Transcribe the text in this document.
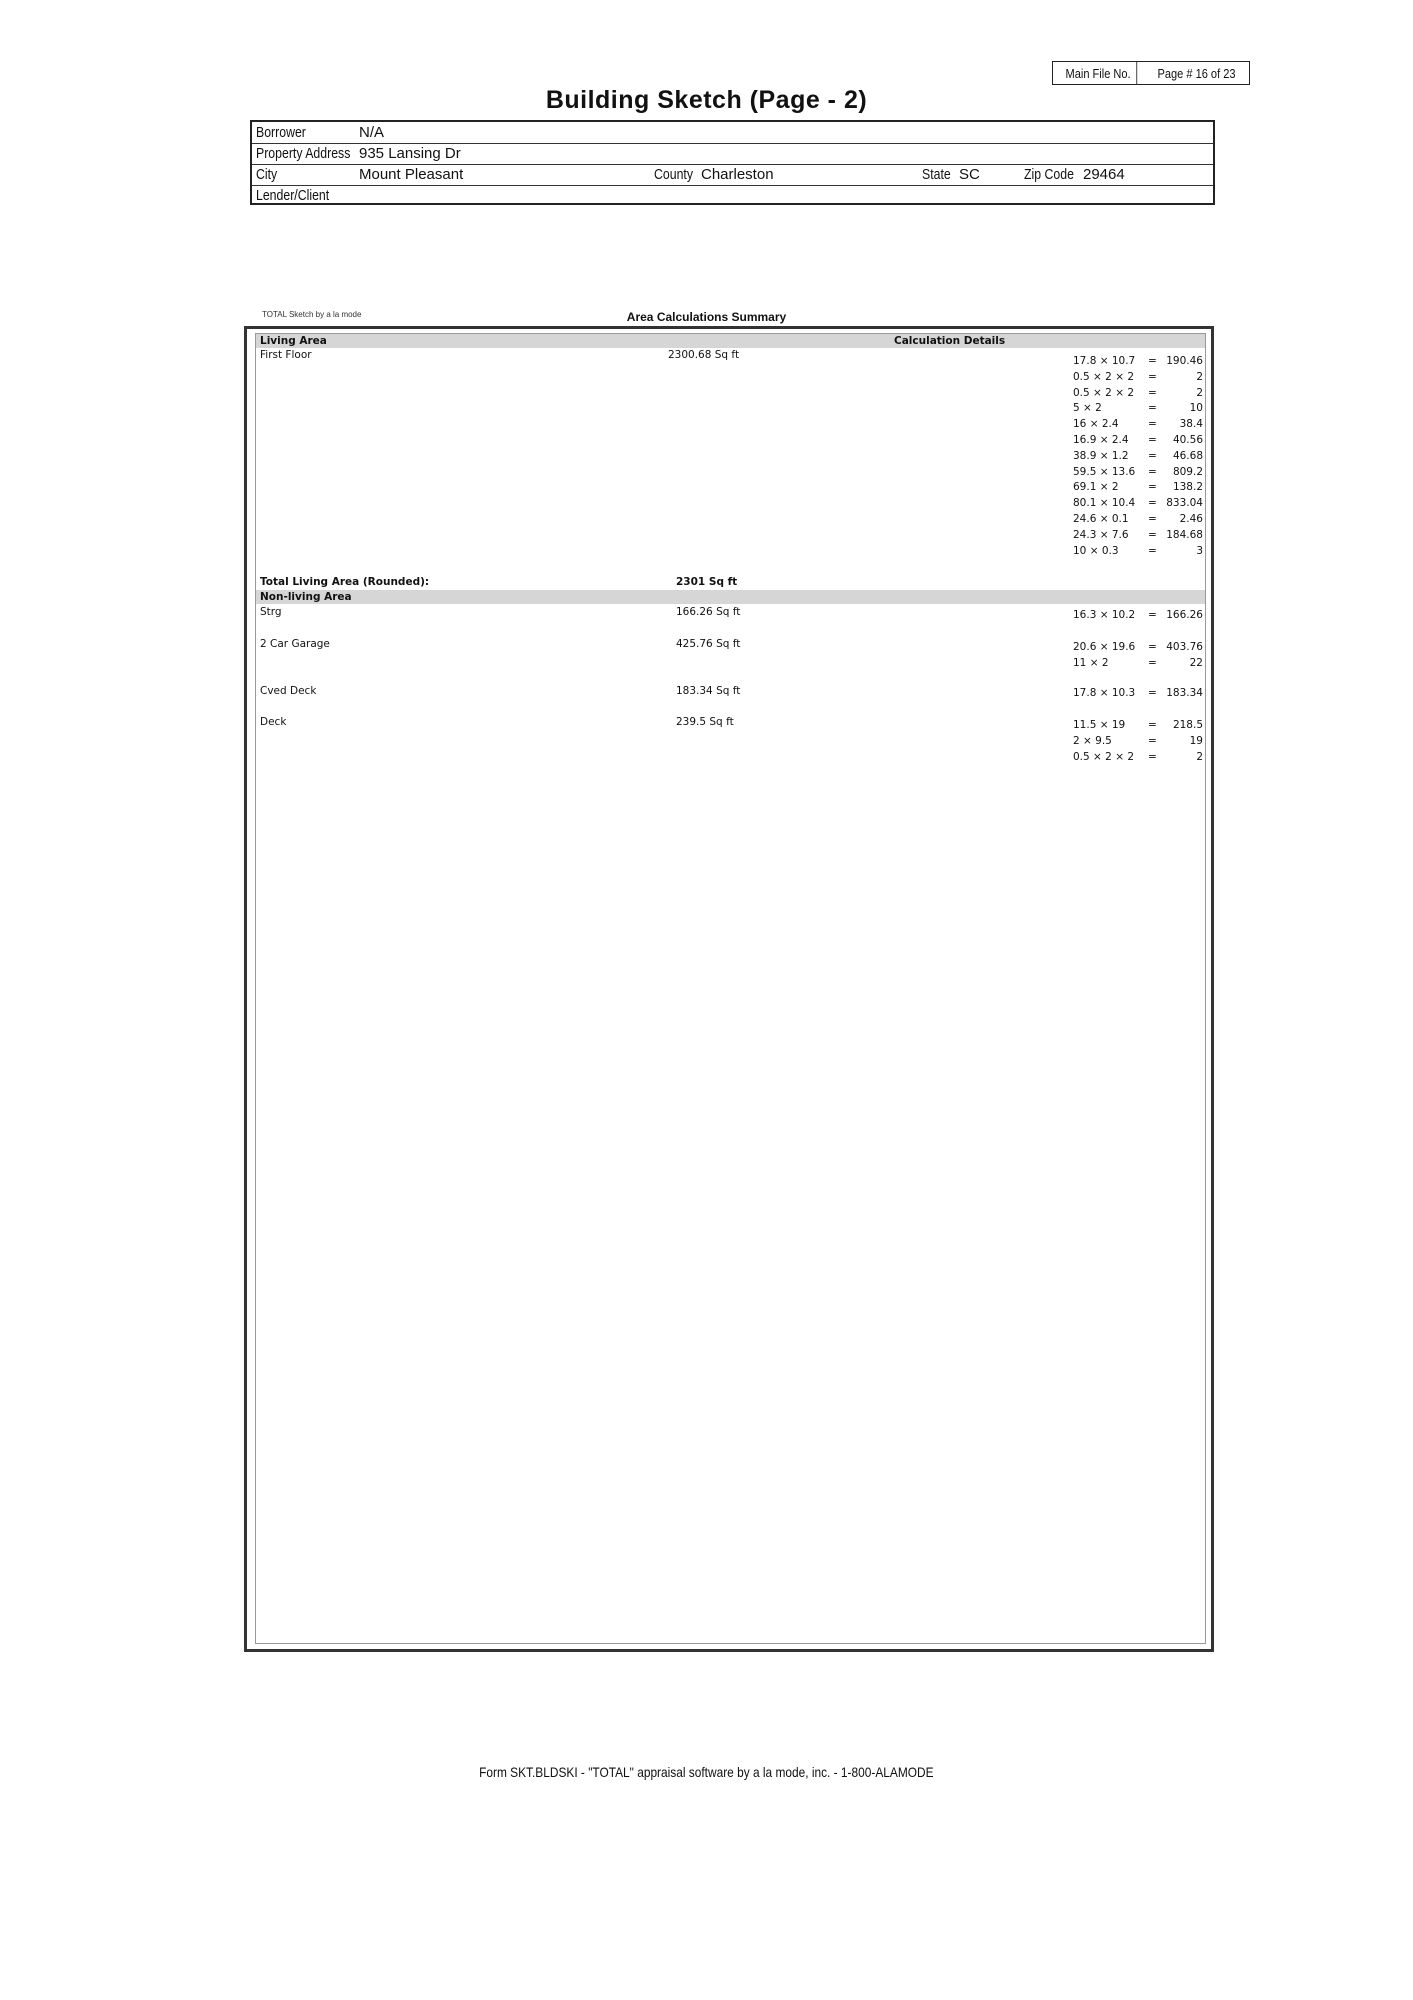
Main File No.	Page # 16 of 23
Building Sketch (Page - 2)
Borrower	N/A
Property Address 935 Lansing Dr
City	Mount Pleasant	County Charleston	State SC	Zip Code 29464
Lender/Client
TOTAL Sketch by a la mode	Area Calculations Summary
Living Area	Calculation Details
First Floor	2300.68 Sq ft	17.8 × 10.7 = 190.46
0.5 × 2 × 2 =	2
0.5 × 2 × 2 =	2
5 × 2	=	10
16 × 2.4	= 38.4
16.9 × 2.4 = 40.56
38.9 × 1.2 = 46.68
59.5 × 13.6 = 809.2
69.1 × 2	= 138.2
80.1 × 10.4 = 833.04
24.6 × 0.1 = 2.46
24.3 × 7.6 = 184.68
10 × 0.3	=	3
Total Living Area (Rounded):	2301 Sq ft
Non-living Area
Strg	166.26 Sq ft	16.3 × 10.2 = 166.26
2 Car Garage	425.76 Sq ft	20.6 × 19.6 = 403.76
11 × 2	=	22
Cved Deck	183.34 Sq ft	17.8 × 10.3 = 183.34
Deck	239.5 Sq ft	11.5 × 19 = 218.5
2 × 9.5	=	19
0.5 × 2 × 2 =	2
Form SKT.BLDSKI - "TOTAL" appraisal software by a la mode, inc. - 1-800-ALAMODE
